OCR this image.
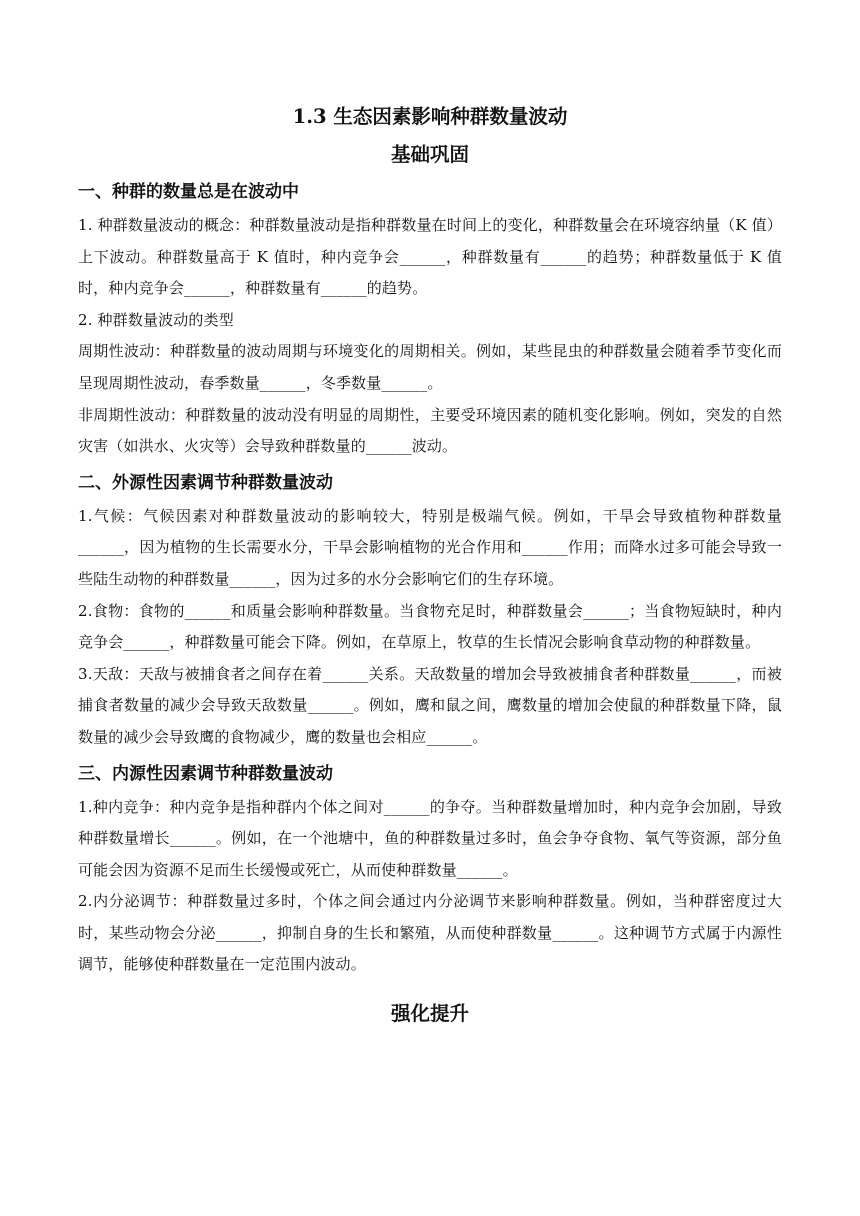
1.3 生态因素影响种群数量波动
基础巩固
一、种群的数量总是在波动中

1. 种群数量波动的概念：种群数量波动是指种群数量在时间上的变化，种群数量会在环境容纳量（K 值）上下波动。种群数量高于 K 值时，种内竞争会______，种群数量有______的趋势；种群数量低于 K 值时，种内竞争会______，种群数量有______的趋势。

2. 种群数量波动的类型

周期性波动：种群数量的波动周期与环境变化的周期相关。例如，某些昆虫的种群数量会随着季节变化而呈现周期性波动，春季数量______，冬季数量______。

非周期性波动：种群数量的波动没有明显的周期性，主要受环境因素的随机变化影响。例如，突发的自然灾害（如洪水、火灾等）会导致种群数量的______波动。

二、外源性因素调节种群数量波动

1.气候：气候因素对种群数量波动的影响较大，特别是极端气候。例如，干旱会导致植物种群数量______，因为植物的生长需要水分，干旱会影响植物的光合作用和______作用；而降水过多可能会导致一些陆生动物的种群数量______，因为过多的水分会影响它们的生存环境。

2.食物：食物的______和质量会影响种群数量。当食物充足时，种群数量会______；当食物短缺时，种内竞争会______，种群数量可能会下降。例如，在草原上，牧草的生长情况会影响食草动物的种群数量。

3.天敌：天敌与被捕食者之间存在着______关系。天敌数量的增加会导致被捕食者种群数量______，而被捕食者数量的减少会导致天敌数量______。例如，鹰和鼠之间，鹰数量的增加会使鼠的种群数量下降，鼠数量的减少会导致鹰的食物减少，鹰的数量也会相应______。

三、内源性因素调节种群数量波动

1.种内竞争：种内竞争是指种群内个体之间对______的争夺。当种群数量增加时，种内竞争会加剧，导致种群数量增长______。例如，在一个池塘中，鱼的种群数量过多时，鱼会争夺食物、氧气等资源，部分鱼可能会因为资源不足而生长缓慢或死亡，从而使种群数量______。

2.内分泌调节：种群数量过多时，个体之间会通过内分泌调节来影响种群数量。例如，当种群密度过大时，某些动物会分泌______，抑制自身的生长和繁殖，从而使种群数量______。这种调节方式属于内源性调节，能够使种群数量在一定范围内波动。

强化提升
